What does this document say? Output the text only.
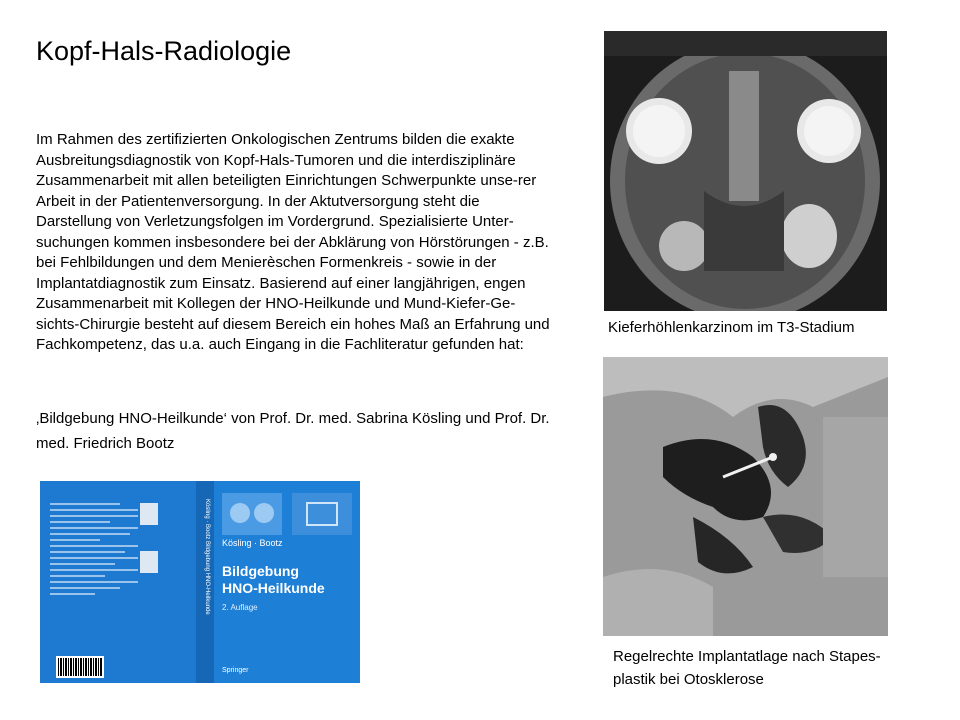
Kopf-Hals-Radiologie

Im Rahmen des zertifizierten Onkologischen Zentrums bilden die exakte Ausbreitungsdiagnostik von Kopf-Hals-Tumoren und die interdisziplinäre Zusammenarbeit mit allen beteiligten Einrichtungen Schwerpunkte unse-rer Arbeit in der Patientenversorgung. In der Aktutversorgung steht die Darstellung von Verletzungsfolgen im Vordergrund. Spezialisierte Unter-suchungen kommen insbesondere bei der Abklärung von Hörstörungen - z.B. bei Fehlbildungen und dem Menierèschen Formenkreis - sowie in der Implantatdiagnostik zum Einsatz. Basierend auf einer langjährigen, engen Zusammenarbeit mit Kollegen der HNO-Heilkunde und Mund-Kiefer-Ge-sichts-Chirurgie besteht auf diesem Bereich ein hohes Maß an Erfahrung und Fachkompetenz, das u.a. auch Eingang in die Fachliteratur gefunden hat:

‚Bildgebung HNO-Heilkunde‘ von Prof. Dr. med. Sabrina Kösling und Prof. Dr. med. Friedrich Bootz
Kieferhöhlenkarzinom im T3-Stadium
Regelrechte Implantatlage nach Stapes-plastik bei Otosklerose
Kösling · Bootz Bildgebung HNO-Heilkunde Kösling · Bootz
Bildgebung
HNO-Heilkunde
2. Auflage
Springer
